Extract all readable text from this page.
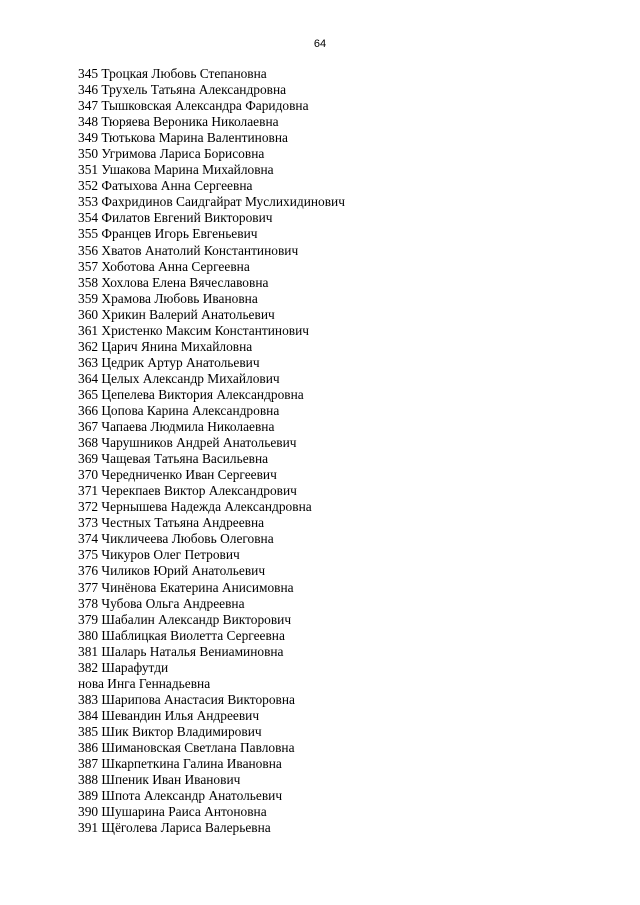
64
345 Троцкая Любовь Степановна
346 Трухель Татьяна Александровна
347 Тышковская Александра Фаридовна
348 Тюряева Вероника Николаевна
349 Тютькова Марина Валентиновна
350 Угримова Лариса Борисовна
351 Ушакова Марина Михайловна
352 Фатыхова Анна Сергеевна
353 Фахридинов Саидгайрат Муслихидинович
354 Филатов Евгений Викторович
355 Францев Игорь Евгеньевич
356 Хватов Анатолий Константинович
357 Хоботова Анна Сергеевна
358 Хохлова Елена Вячеславовна
359 Храмова Любовь Ивановна
360 Хрикин Валерий Анатольевич
361 Христенко Максим Константинович
362 Царич Янина Михайловна
363 Цедрик Артур Анатольевич
364 Целых Александр Михайлович
365 Цепелева Виктория Александровна
366 Цопова Карина Александровна
367 Чапаева Людмила Николаевна
368 Чарушников Андрей Анатольевич
369 Чащевая Татьяна Васильевна
370 Чередниченко Иван Сергеевич
371 Черекпаев Виктор Александрович
372 Чернышева Надежда Александровна
373 Честных Татьяна Андреевна
374 Чикличеева Любовь Олеговна
375 Чикуров Олег Петрович
376 Чиликов Юрий Анатольевич
377 Чинёнова Екатерина Анисимовна
378 Чубова Ольга Андреевна
379 Шабалин Александр Викторович
380 Шаблицкая Виолетта Сергеевна
381 Шаларь Наталья Вениаминовна
382 Шарафутди
нова Инга Геннадьевна
383 Шарипова Анастасия Викторовна
384 Шевандин Илья Андреевич
385 Шик Виктор Владимирович
386 Шимановская Светлана Павловна
387 Шкарпеткина Галина Ивановна
388 Шпеник Иван Иванович
389 Шпота Александр Анатольевич
390 Шушарина Раиса Антоновна
391 Щёголева Лариса Валерьевна
